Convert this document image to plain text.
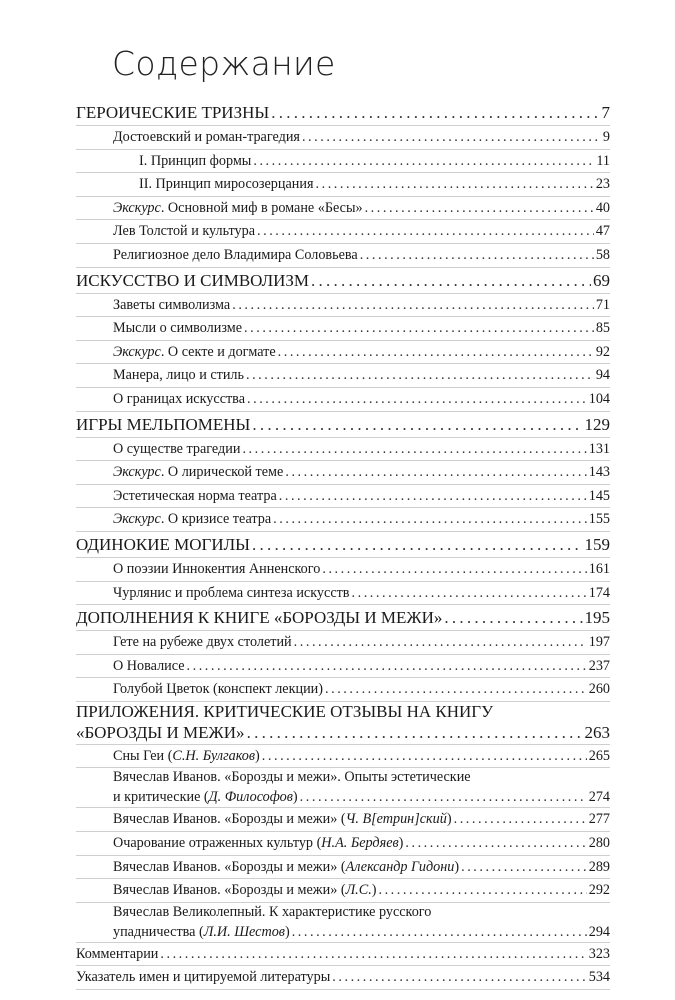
Содержание
ГЕРОИЧЕСКИЕ ТРИЗНЫ . . .	7
Достоевский и роман-трагедия . . .	9
I. Принцип формы . . .	11
II. Принцип миросозерцания . . .	23
Экскурс. Основной миф в романе «Бесы» . . .	40
Лев Толстой и культура . . .	47
Религиозное дело Владимира Соловьева . . .	58
ИСКУССТВО И СИМВОЛИЗМ . . .	69
Заветы символизма . . .	71
Мысли о символизме . . .	85
Экскурс. О секте и догмате . . .	92
Манера, лицо и стиль . . .	94
О границах искусства . . .	104
ИГРЫ МЕЛЬПОМЕНЫ . . .	129
О существе трагедии . . .	131
Экскурс. О лирической теме . . .	143
Эстетическая норма театра . . .	145
Экскурс. О кризисе театра . . .	155
ОДИНОКИЕ МОГИЛЫ . . .	159
О поэзии Иннокентия Анненского . . .	161
Чурлянис и проблема синтеза искусств . . .	174
ДОПОЛНЕНИЯ К КНИГЕ «БОРОЗДЫ И МЕЖИ» . . .	195
Гете на рубеже двух столетий . . .	197
О Новалисе . . .	237
Голубой Цветок (конспект лекции) . . .	260
ПРИЛОЖЕНИЯ. КРИТИЧЕСКИЕ ОТЗЫВЫ НА КНИГУ
«БОРОЗДЫ И МЕЖИ» . . .	263
Сны Геи (С.Н. Булгаков) . . .	265
Вячеслав Иванов. «Борозды и межи». Опыты эстетические
и критические (Д. Философов) . . .	274
Вячеслав Иванов. «Борозды и межи» (Ч. В[етрин]ский) . . .	277
Очарование отраженных культур (Н.А. Бердяев) . . .	280
Вячеслав Иванов. «Борозды и межи» (Александр Гидони) . . .	289
Вячеслав Иванов. «Борозды и межи» (Л.С.) . . .	292
Вячеслав Великолепный. К характеристике русского
упадничества (Л.И. Шестов) . . .	294
Комментарии . . .	323
Указатель имен и цитируемой литературы . . .	534
